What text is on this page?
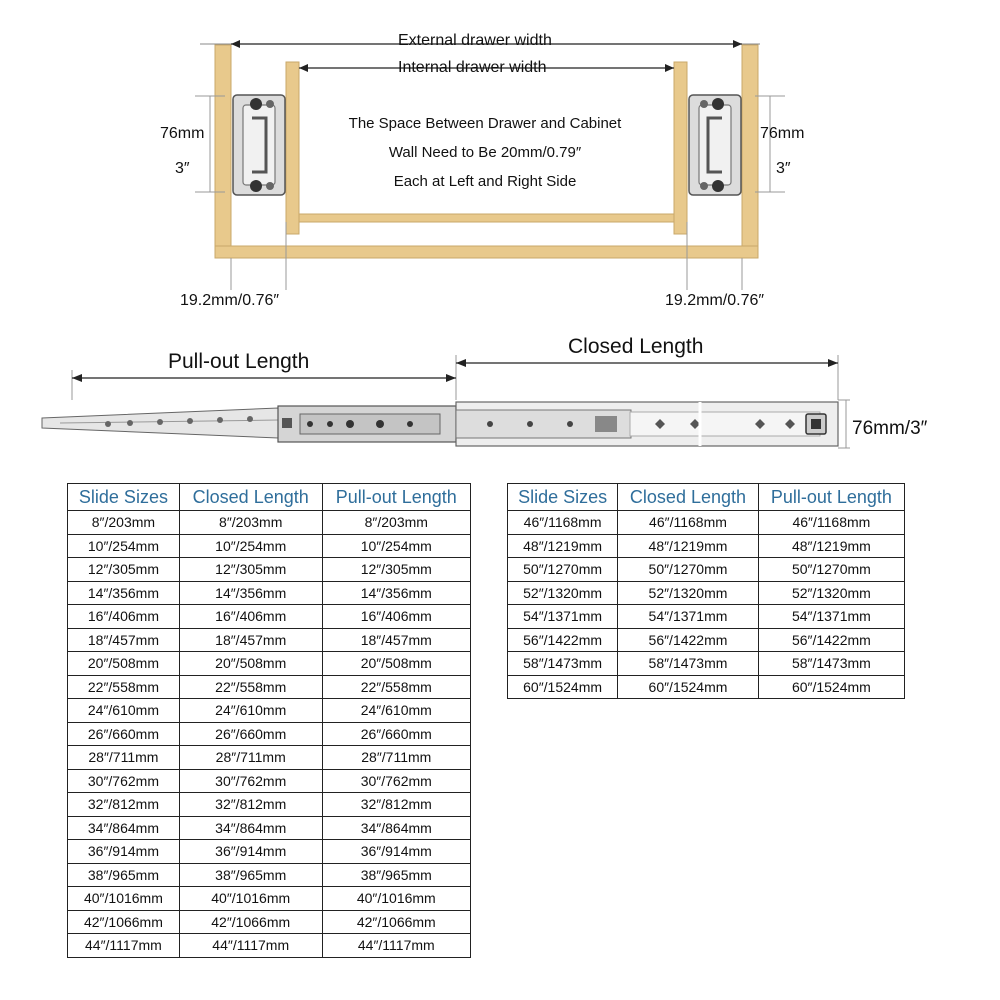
External drawer width
Internal drawer width
The Space Between Drawer and Cabinet
Wall Need to Be 20mm/0.79″
Each at Left and Right Side
76mm
3″
76mm
3″
19.2mm/0.76″	19.2mm/0.76″
Pull-out Length
Closed Length
76mm/3″
Slide Sizes	Closed Length	Pull-out Length
8″/203mm	8″/203mm	8″/203mm
10″/254mm	10″/254mm	10″/254mm
12″/305mm	12″/305mm	12″/305mm
14″/356mm	14″/356mm	14″/356mm
16″/406mm	16″/406mm	16″/406mm
18″/457mm	18″/457mm	18″/457mm
20″/508mm	20″/508mm	20″/508mm
22″/558mm	22″/558mm	22″/558mm
24″/610mm	24″/610mm	24″/610mm
26″/660mm	26″/660mm	26″/660mm
28″/711mm	28″/711mm	28″/711mm
30″/762mm	30″/762mm	30″/762mm
32″/812mm	32″/812mm	32″/812mm
34″/864mm	34″/864mm	34″/864mm
36″/914mm	36″/914mm	36″/914mm
38″/965mm	38″/965mm	38″/965mm
40″/1016mm	40″/1016mm	40″/1016mm
42″/1066mm	42″/1066mm	42″/1066mm
44″/1117mm	44″/1117mm	44″/1117mm
Slide Sizes	Closed Length	Pull-out Length
46″/1168mm	46″/1168mm	46″/1168mm
48″/1219mm	48″/1219mm	48″/1219mm
50″/1270mm	50″/1270mm	50″/1270mm
52″/1320mm	52″/1320mm	52″/1320mm
54″/1371mm	54″/1371mm	54″/1371mm
56″/1422mm	56″/1422mm	56″/1422mm
58″/1473mm	58″/1473mm	58″/1473mm
60″/1524mm	60″/1524mm	60″/1524mm
